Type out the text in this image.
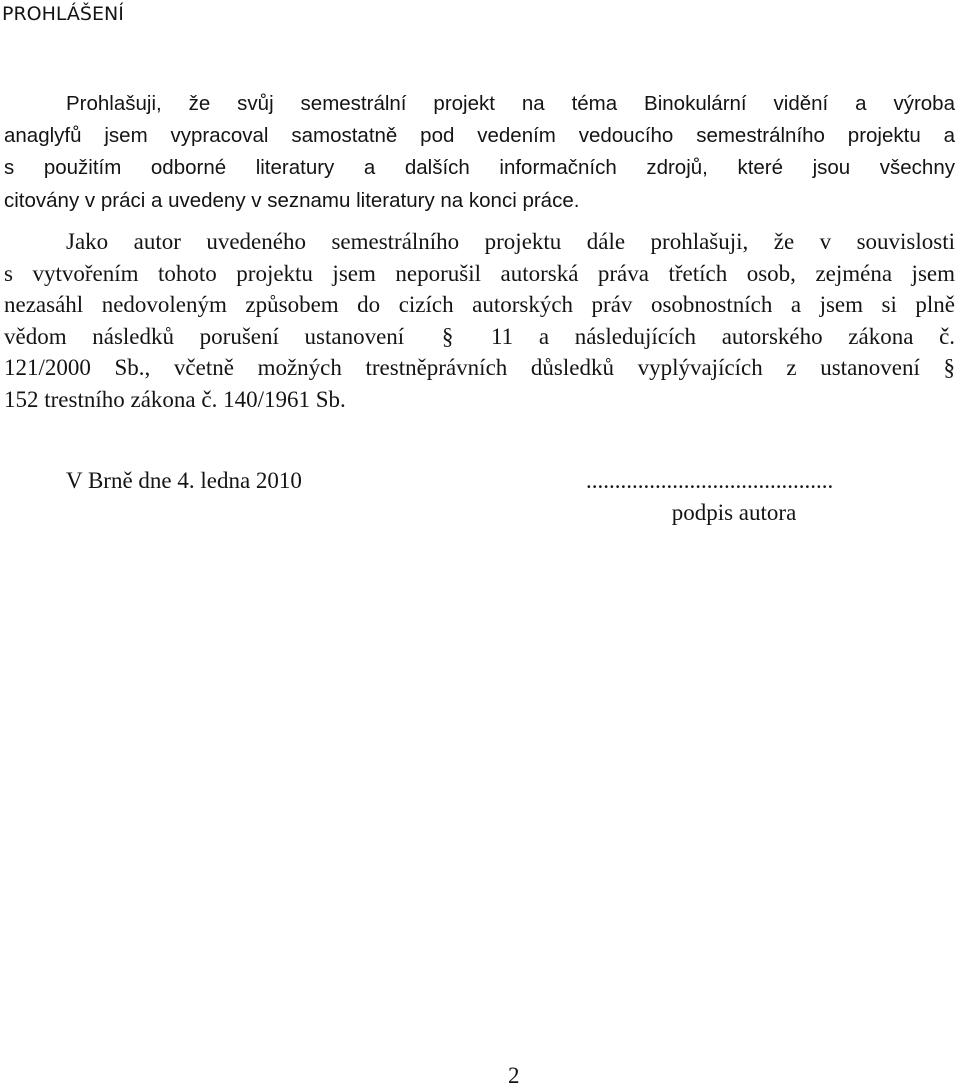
PROHLÁŠENÍ
Prohlašuji, že svůj semestrální projekt na téma Binokulární vidění a výroba
anaglyfů jsem vypracoval samostatně pod vedením vedoucího semestrálního projektu a
s použitím odborné literatury a dalších informačních zdrojů, které jsou všechny
citovány v práci a uvedeny v seznamu literatury na konci práce.
Jako autor uvedeného semestrálního projektu dále prohlašuji, že v souvislosti
s vytvořením tohoto projektu jsem neporušil autorská práva třetích osob, zejména jsem
nezasáhl nedovoleným způsobem do cizích autorských práv osobnostních a jsem si plně
vědom následků porušení ustanovení § 11 a následujících autorského zákona č.
121/2000 Sb., včetně možných trestněprávních důsledků vyplývajících z ustanovení §
152 trestního zákona č. 140/1961 Sb.
V Brně dne 4. ledna 2010	...........................................
podpis autora
2
